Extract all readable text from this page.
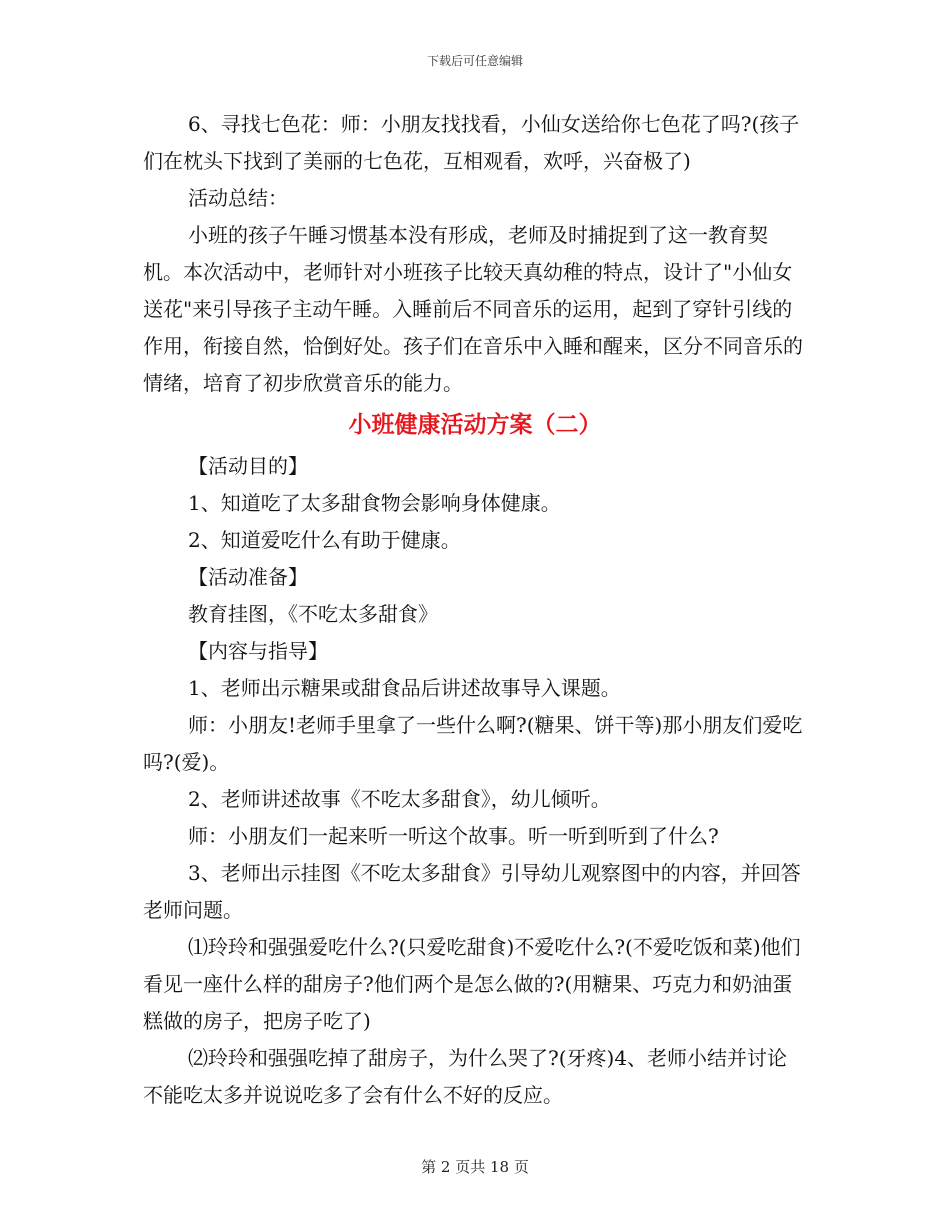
下载后可任意编辑

6、寻找七色花：师：小朋友找找看，小仙女送给你七色花了吗?(孩子们在枕头下找到了美丽的七色花，互相观看，欢呼，兴奋极了)

活动总结：

小班的孩子午睡习惯基本没有形成，老师及时捕捉到了这一教育契机。本次活动中，老师针对小班孩子比较天真幼稚的特点，设计了"小仙女送花"来引导孩子主动午睡。入睡前后不同音乐的运用，起到了穿针引线的作用，衔接自然，恰倒好处。孩子们在音乐中入睡和醒来，区分不同音乐的情绪，培育了初步欣赏音乐的能力。

小班健康活动方案（二）

【活动目的】

1、知道吃了太多甜食物会影响身体健康。

2、知道爱吃什么有助于健康。

【活动准备】

教育挂图，《不吃太多甜食》

【内容与指导】

1、老师出示糖果或甜食品后讲述故事导入课题。

师：小朋友!老师手里拿了一些什么啊?(糖果、饼干等)那小朋友们爱吃吗?(爱)。

2、老师讲述故事《不吃太多甜食》，幼儿倾听。

师：小朋友们一起来听一听这个故事。听一听到听到了什么?

3、老师出示挂图《不吃太多甜食》引导幼儿观察图中的内容，并回答老师问题。

⑴玲玲和强强爱吃什么?(只爱吃甜食)不爱吃什么?(不爱吃饭和菜)他们看见一座什么样的甜房子?他们两个是怎么做的?(用糖果、巧克力和奶油蛋糕做的房子，把房子吃了)

⑵玲玲和强强吃掉了甜房子，为什么哭了?(牙疼)4、老师小结并讨论不能吃太多并说说吃多了会有什么不好的反应。

第 2 页共 18 页
